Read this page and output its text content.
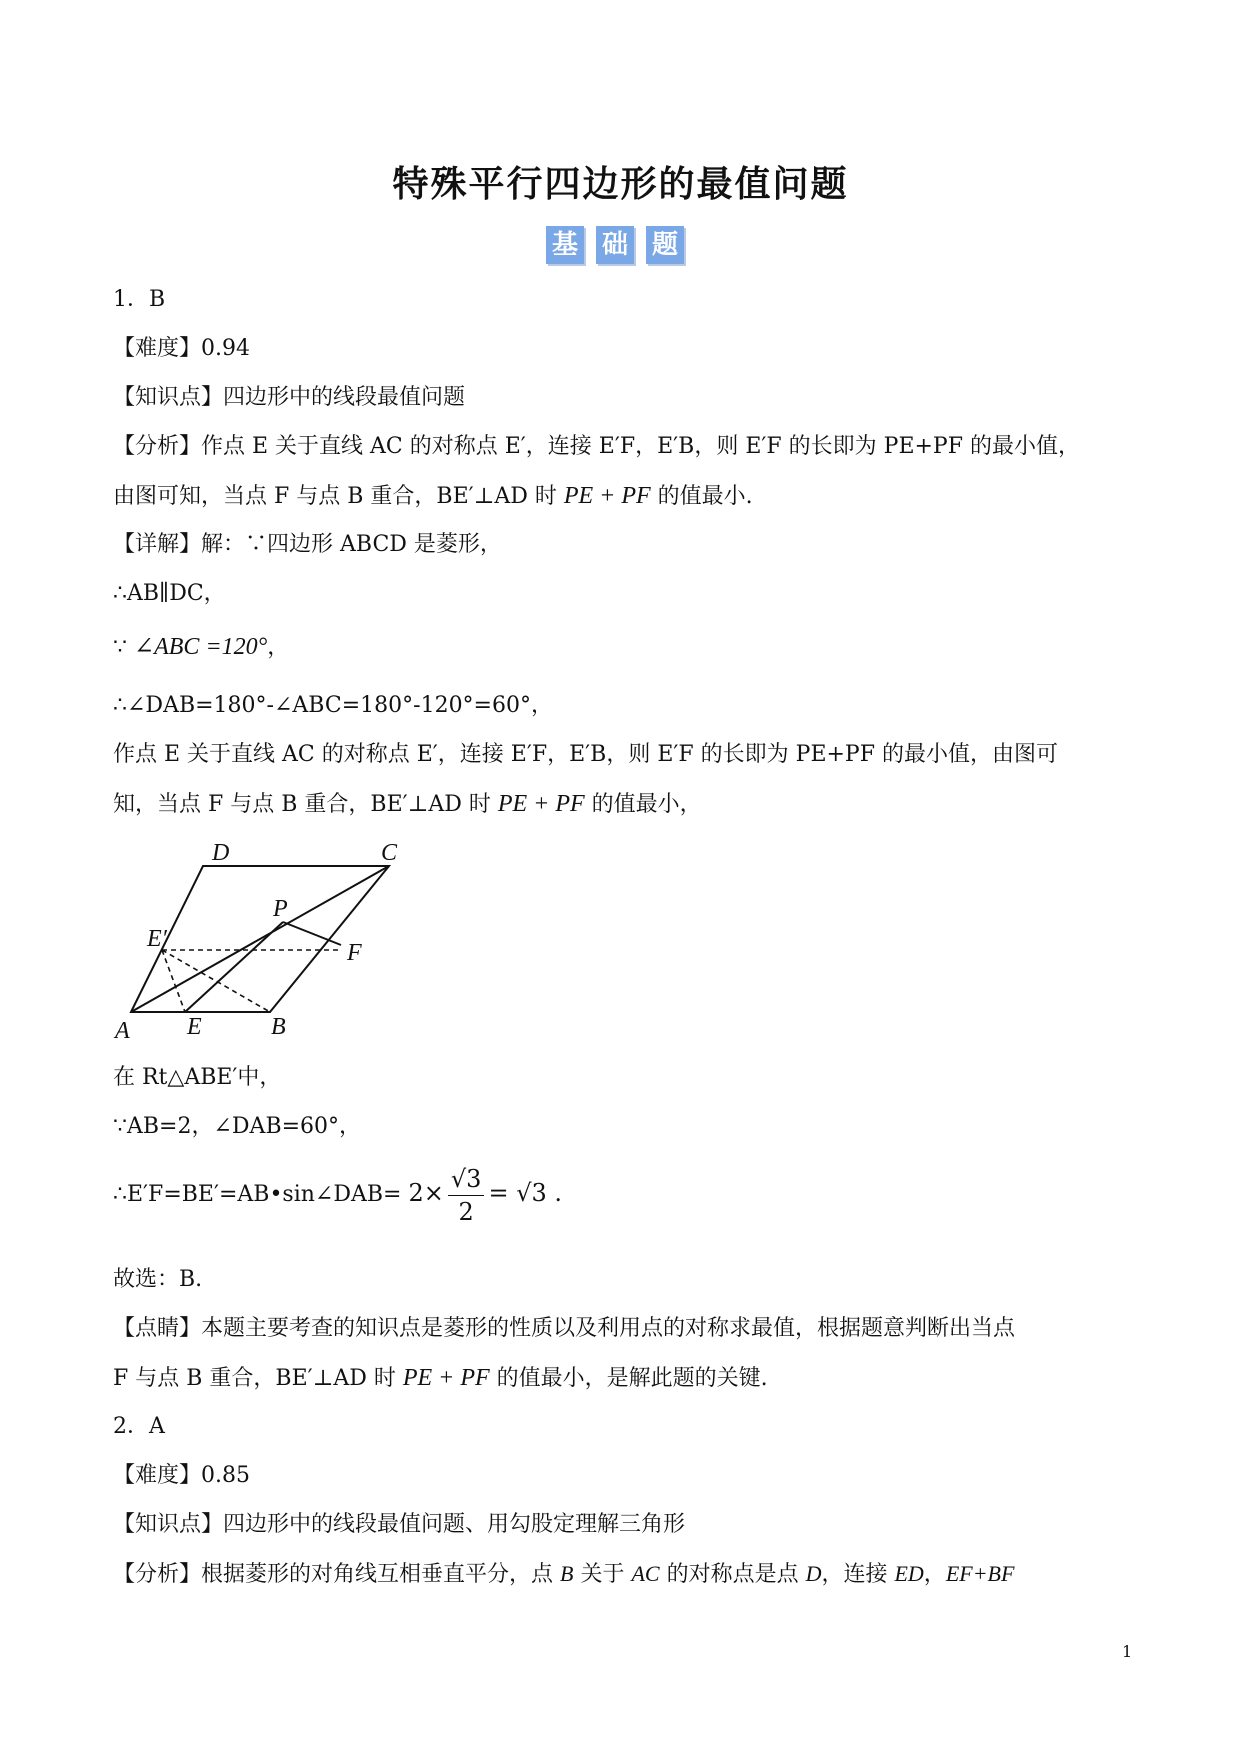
特殊平行四边形的最值问题
基 础 题
1．B
【难度】0.94
【知识点】四边形中的线段最值问题
【分析】作点 E 关于直线 AC 的对称点 E′，连接 E′F，E′B，则 E′F 的长即为 PE+PF 的最小值，
由图可知，当点 F 与点 B 重合，BE′⊥AD 时 PE + PF 的值最小.
【详解】解：∵四边形 ABCD 是菱形，
∴AB∥DC，
∵ ∠ABC =120°，
∴∠DAB=180°-∠ABC=180°-120°=60°，
作点 E 关于直线 AC 的对称点 E′，连接 E′F，E′B，则 E′F 的长即为 PE+PF 的最小值，由图可
知，当点 F 与点 B 重合，BE′⊥AD 时 PE + PF 的值最小，
D	C
P
E′
F
A E	B
在 Rt△ABE′中，
∵AB=2，∠DAB=60°，
∴E′F=BE′=AB•sin∠DAB= $2\times \frac{√3}{2} = √3$ .
故选：B.
【点睛】本题主要考查的知识点是菱形的性质以及利用点的对称求最值，根据题意判断出当点
F 与点 B 重合，BE′⊥AD 时 PE + PF 的值最小，是解此题的关键.
2．A
【难度】0.85
【知识点】四边形中的线段最值问题、用勾股定理解三角形
【分析】根据菱形的对角线互相垂直平分，点 B 关于 AC 的对称点是点 D，连接 ED，EF+BF
1
